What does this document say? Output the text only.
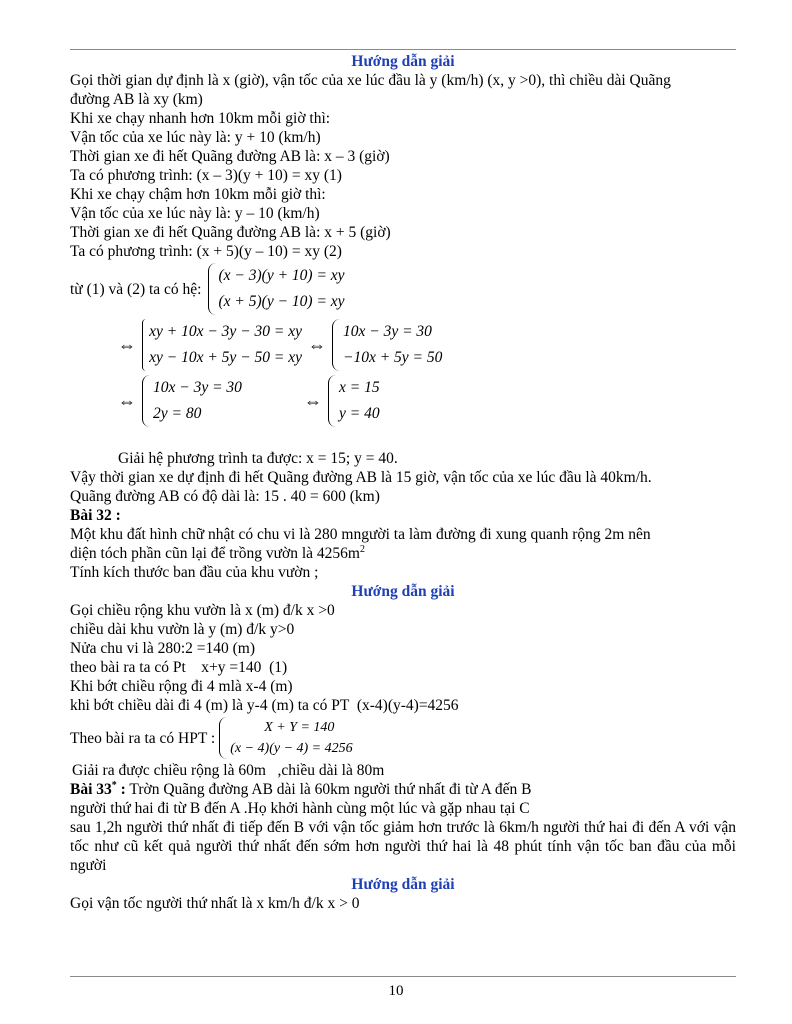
Hướng dẫn giải
Gọi thời gian dự định là x (giờ), vận tốc của xe lúc đầu là y (km/h) (x, y >0), thì chiều dài Quãng
đường AB là xy (km)
Khi xe chạy nhanh hơn 10km mỗi giờ thì:
Vận tốc của xe lúc này là: y + 10 (km/h)
Thời gian xe đi hết Quãng đường AB là: x – 3 (giờ)
Ta có phương trình: (x – 3)(y + 10) = xy (1)
Khi xe chạy chậm hơn 10km mỗi giờ thì:
Vận tốc của xe lúc này là: y – 10 (km/h)
Thời gian xe đi hết Quãng đường AB là: x + 5 (giờ)
Ta có phương trình: (x + 5)(y – 10) = xy (2)
từ (1) và (2) ta có hệ:
(x − 3)(y + 10) = xy
(x + 5)(y − 10) = xy
⇔
xy + 10x − 3y − 30 = xy
xy − 10x + 5y − 50 = xy
⇔
10x − 3y = 30
−10x + 5y = 50
⇔
10x − 3y = 30
2y = 80
⇔
x = 15
y = 40
Giải hệ phương trình ta được: x = 15; y = 40.
Vậy thời gian xe dự định đi hết Quãng đường AB là 15 giờ, vận tốc của xe lúc đầu là 40km/h.
Quãng đường AB có độ dài là: 15 . 40 = 600 (km)
Bài 32 :
Một khu đất hình chữ nhật có chu vi là 280 mngười ta làm đường đi xung quanh rộng 2m nên
diện tóch phần cũn lại để trồng vườn là $4256m^2$
Tính kích thước ban đầu của khu vườn ;
Hướng dẫn giải
Gọi chiều rộng khu vườn là x (m) đ/k x >0
chiều dài khu vườn là y (m) đ/k y>0
Nửa chu vi là 280:2 =140 (m)
theo bài ra ta có Pt    x+y =140  (1)
Khi bớt chiều rộng đi 4 mlà x-4 (m)
khi bớt chiều dài đi 4 (m) là y-4 (m) ta có PT  (x-4)(y-4)=4256
Theo bài ra ta có HPT :
X + Y = 140
(x − 4)(y − 4) = 4256
Giải ra được chiều rộng là 60m   ,chiều dài là 80m
Bài 33* : Trờn Quãng đường AB dài là 60km người thứ nhất đi từ A đến B
người thứ hai đi từ B đến A .Họ khởi hành cùng một lúc và gặp nhau tại C
sau 1,2h người thứ nhất đi tiếp đến B với vận tốc giảm hơn trước là 6km/h người thứ hai đi đến A với vận tốc như cũ kết quả người thứ nhất đến sớm hơn người thứ hai là 48 phút tính vận tốc ban đầu của mỗi người
Hướng dẫn giải
Gọi vận tốc người thứ nhất là x km/h đ/k x > 0
10
